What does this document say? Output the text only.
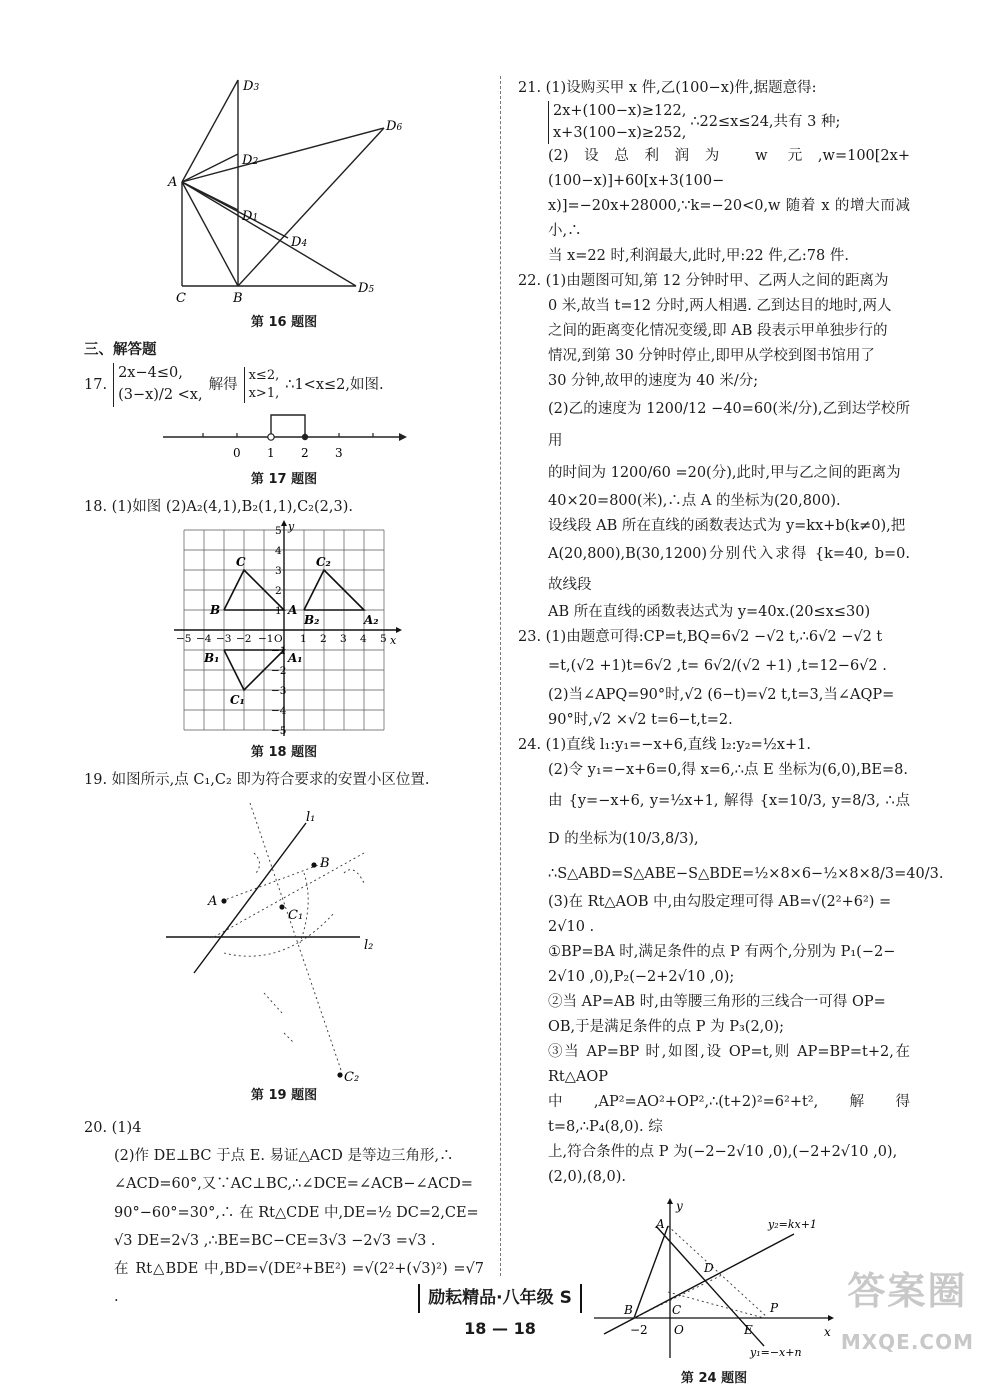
D3
D2
D6
A
D1
D4
C	B
D5
第 16 题图
三、解答题
17.
2x−4≤0,
(3−x)/2 <x,
解得
x≤2,
x>1,
∴1<x≤2,如图.
0 1 2 3
第 17 题图
18. (1)如图 (2)A₂(4,1),B₂(1,1),C₂(2,3).
y
x
−5 −4 −3 −2 −1 O 1 2 3 4 5
5
4
3
2
1
−1
−2
−3
−4
−5
C
B	A
C₂
B₂	A₂
B₁	A₁
C₁
第 18 题图
19. 如图所示,点 C₁,C₂ 即为符合要求的安置小区位置.
l₁
l₂
A
B
C₁
C₂
第 19 题图
20. (1)4
(2)作 DE⊥BC 于点 E. 易证△ACD 是等边三角形,∴
∠ACD=60°,又∵AC⊥BC,∴∠DCE=∠ACB−∠ACD=
90°−60°=30°,∴ 在 Rt△CDE 中,DE=½ DC=2,CE=
√3 DE=2√3 ,∴BE=BC−CE=3√3 −2√3 =√3 .
在 Rt△BDE 中,BD=√(DE²+BE²) =√(2²+(√3)²) =√7 .
21. (1)设购买甲 x 件,乙(100−x)件,据题意得:
2x+(100−x)≥122,
x+3(100−x)≥252,
∴22≤x≤24,共有 3 种;
(2)设总利润为 w 元,w=100[2x+(100−x)]+60[x+3(100−
x)]=−20x+28000,∵k=−20<0,w 随着 x 的增大而减小,∴
当 x=22 时,利润最大,此时,甲:22 件,乙:78 件.
22. (1)由题图可知,第 12 分钟时甲、乙两人之间的距离为
0 米,故当 t=12 分时,两人相遇. 乙到达目的地时,两人
之间的距离变化情况变缓,即 AB 段表示甲单独步行的
情况,到第 30 分钟时停止,即甲从学校到图书馆用了
30 分钟,故甲的速度为 40 米/分;
(2)乙的速度为 1200/12 −40=60(米/分),乙到达学校所用
的时间为 1200/60 =20(分),此时,甲与乙之间的距离为
40×20=800(米),∴点 A 的坐标为(20,800).
设线段 AB 所在直线的函数表达式为 y=kx+b(k≠0),把
A(20,800),B(30,1200)分别代入求得 {k=40, b=0. 故线段
AB 所在直线的函数表达式为 y=40x.(20≤x≤30)
23. (1)由题意可得:CP=t,BQ=6√2 −√2 t,∴6√2 −√2 t
=t,(√2 +1)t=6√2 ,t= 6√2/(√2 +1) ,t=12−6√2 .
(2)当∠APQ=90°时,√2 (6−t)=√2 t,t=3,当∠AQP=
90°时,√2 ×√2 t=6−t,t=2.
24. (1)直线 l₁:y₁=−x+6,直线 l₂:y₂=½x+1.
(2)令 y₁=−x+6=0,得 x=6,∴点 E 坐标为(6,0),BE=8.
由 {y=−x+6, y=½x+1, 解得 {x=10/3, y=8/3, ∴点 D 的坐标为(10/3,8/3),
∴S△ABD=S△ABE−S△BDE=½×8×6−½×8×8/3=40/3.
(3)在 Rt△AOB 中,由勾股定理可得 AB=√(2²+6²) =
2√10 .
①BP=BA 时,满足条件的点 P 有两个,分别为 P₁(−2−
2√10 ,0),P₂(−2+2√10 ,0);
②当 AP=AB 时,由等腰三角形的三线合一可得 OP=
OB,于是满足条件的点 P 为 P₃(2,0);
③当 AP=BP 时,如图,设 OP=t,则 AP=BP=t+2,在 Rt△AOP
中,AP²=AO²+OP²,∴(t+2)²=6²+t²,解得 t=8,∴P₄(8,0). 综
上,符合条件的点 P 为(−2−2√10 ,0),(−2+2√10 ,0),
(2,0),(8,0).
y
x
A
D
B	C
O	E
P
−2
y₂=kx+1
y₁=−x+n
第 24 题图
励耘精品·八年级 S
18 — 18
答案圈
MXQE.COM
